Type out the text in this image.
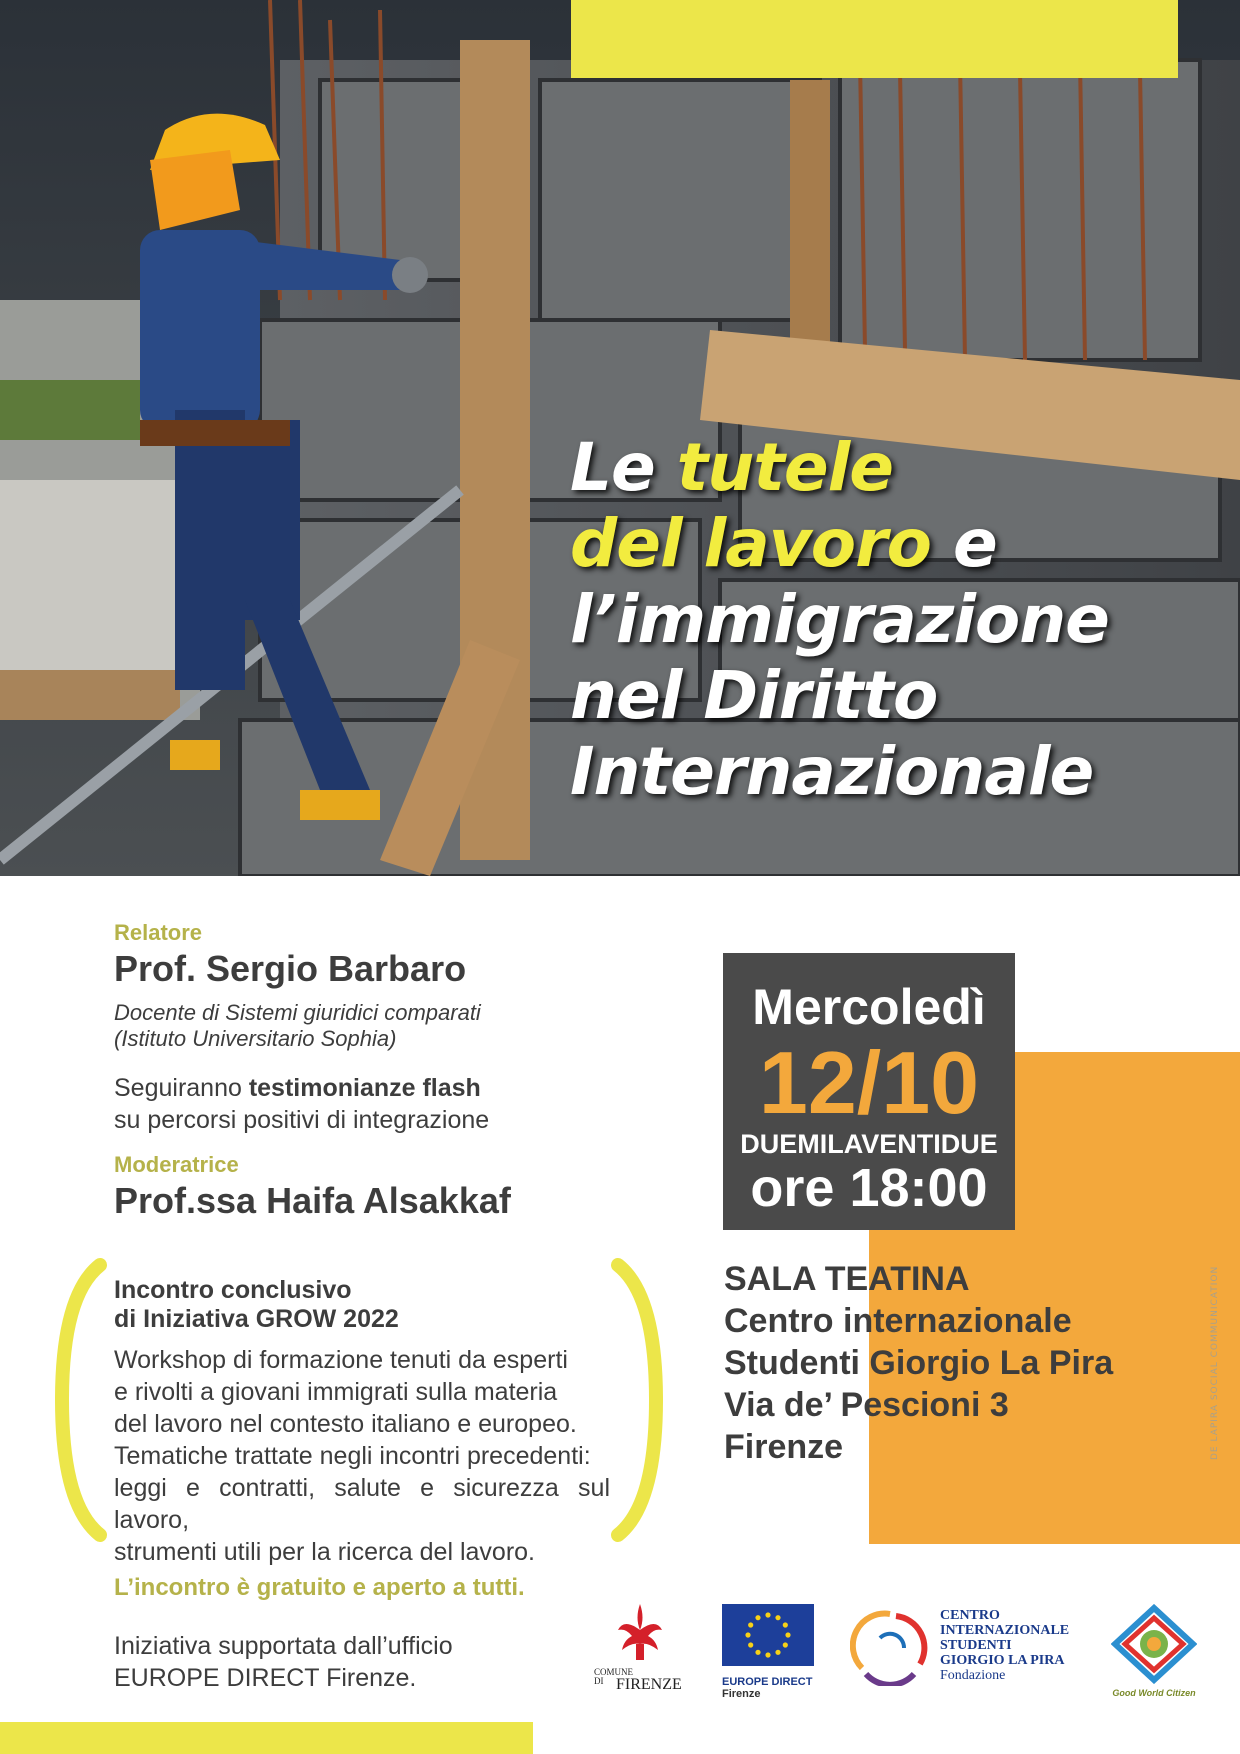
Le tutele
del lavoro e
l’immigrazione
nel Diritto
Internazionale
Relatore
Prof. Sergio Barbaro
Docente di Sistemi giuridici comparati
(Istituto Universitario Sophia)
Seguiranno testimonianze flash
su percorsi positivi di integrazione
Moderatrice
Prof.ssa Haifa Alsakkaf
Incontro conclusivo
di Iniziativa GROW 2022
Workshop di formazione tenuti da esperti
e rivolti a giovani immigrati sulla materia
del lavoro nel contesto italiano e europeo.
Tematiche trattate negli incontri precedenti:
leggi e contratti, salute e sicurezza sul lavoro,
strumenti utili per la ricerca del lavoro.
L’incontro è gratuito e aperto a tutti.
Iniziativa supportata dall’ufficio
EUROPE DIRECT Firenze.
Mercoledì
12/10
DUEMILAVENTIDUE
ore 18:00
SALA TEATINA
Centro internazionale
Studenti Giorgio La Pira
Via de’ Pescioni 3
Firenze	DE LAPIRA SOCIAL COMMUNICATION
COMUNE
DI FIRENZE	EUROPE DIRECT
Firenze
CENTRO
INTERNAZIONALE
STUDENTI
GIORGIO LA PIRA
Fondazione
Good World Citizen
